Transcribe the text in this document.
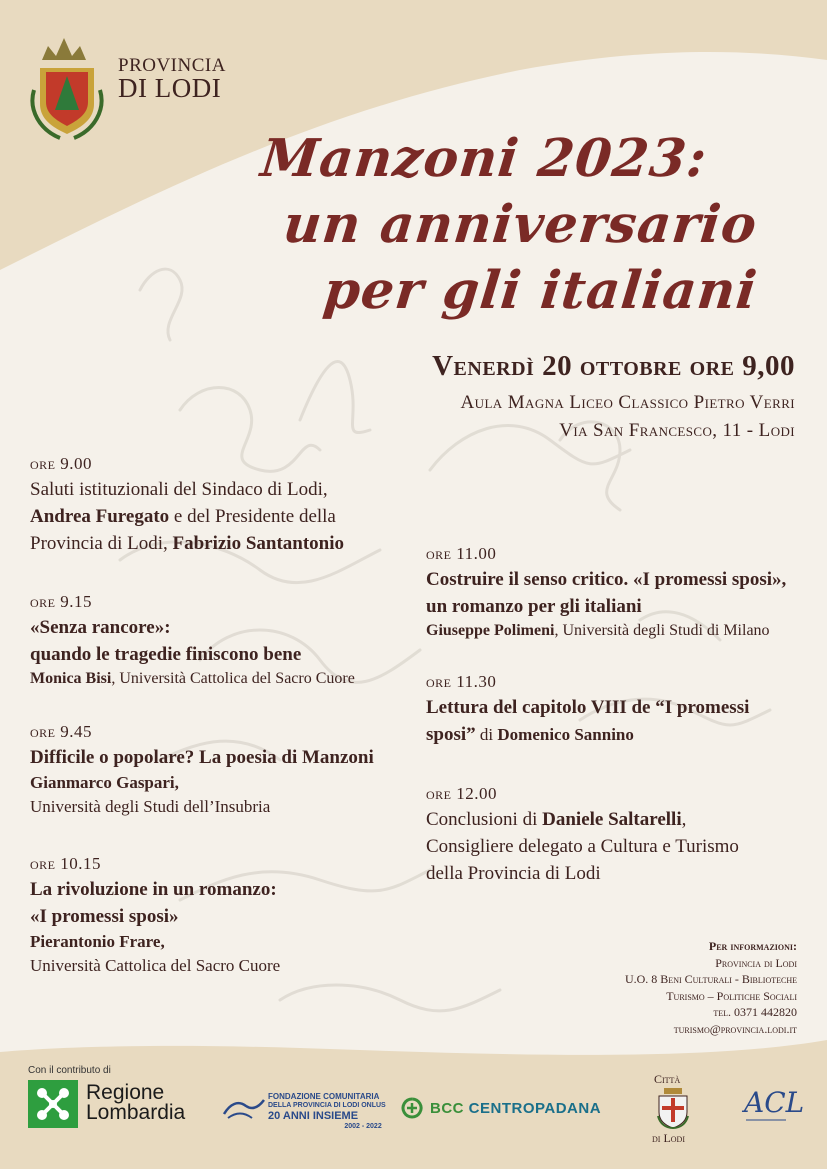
PROVINCIA
DI LODI
Manzoni 2023:
un anniversario
per gli italiani
Venerdì 20 ottobre ore 9,00
Aula Magna Liceo Classico Pietro Verri
Via San Francesco, 11 - Lodi
ore 9.00
Saluti istituzionali del Sindaco di Lodi,
Andrea Furegato e del Presidente della
Provincia di Lodi, Fabrizio Santantonio
ore 9.15
«Senza rancore»:
quando le tragedie finiscono bene
Monica Bisi, Università Cattolica del Sacro Cuore
ore 9.45
Difficile o popolare? La poesia di Manzoni
Gianmarco Gaspari,
Università degli Studi dell’Insubria
ore 10.15
La rivoluzione in un romanzo:
«I promessi sposi»
Pierantonio Frare,
Università Cattolica del Sacro Cuore
ore 11.00
Costruire il senso critico. «I promessi sposi»,
un romanzo per gli italiani
Giuseppe Polimeni, Università degli Studi di Milano
ore 11.30
Lettura del capitolo VIII de “I promessi
sposi” di Domenico Sannino
ore 12.00
Conclusioni di Daniele Saltarelli,
Consigliere delegato a Cultura e Turismo
della Provincia di Lodi
Per informazioni:
Provincia di Lodi
U.O. 8 Beni Culturali - Biblioteche
Turismo – Politiche Sociali
tel. 0371 442820
turismo@provincia.lodi.it
Con il contributo di
Regione
Lombardia
FONDAZIONE COMUNITARIA
DELLA PROVINCIA DI LODI ONLUS
20 ANNI INSIEME
2002 - 2022
BCC CENTROPADANA
Città
di Lodi
ACL
